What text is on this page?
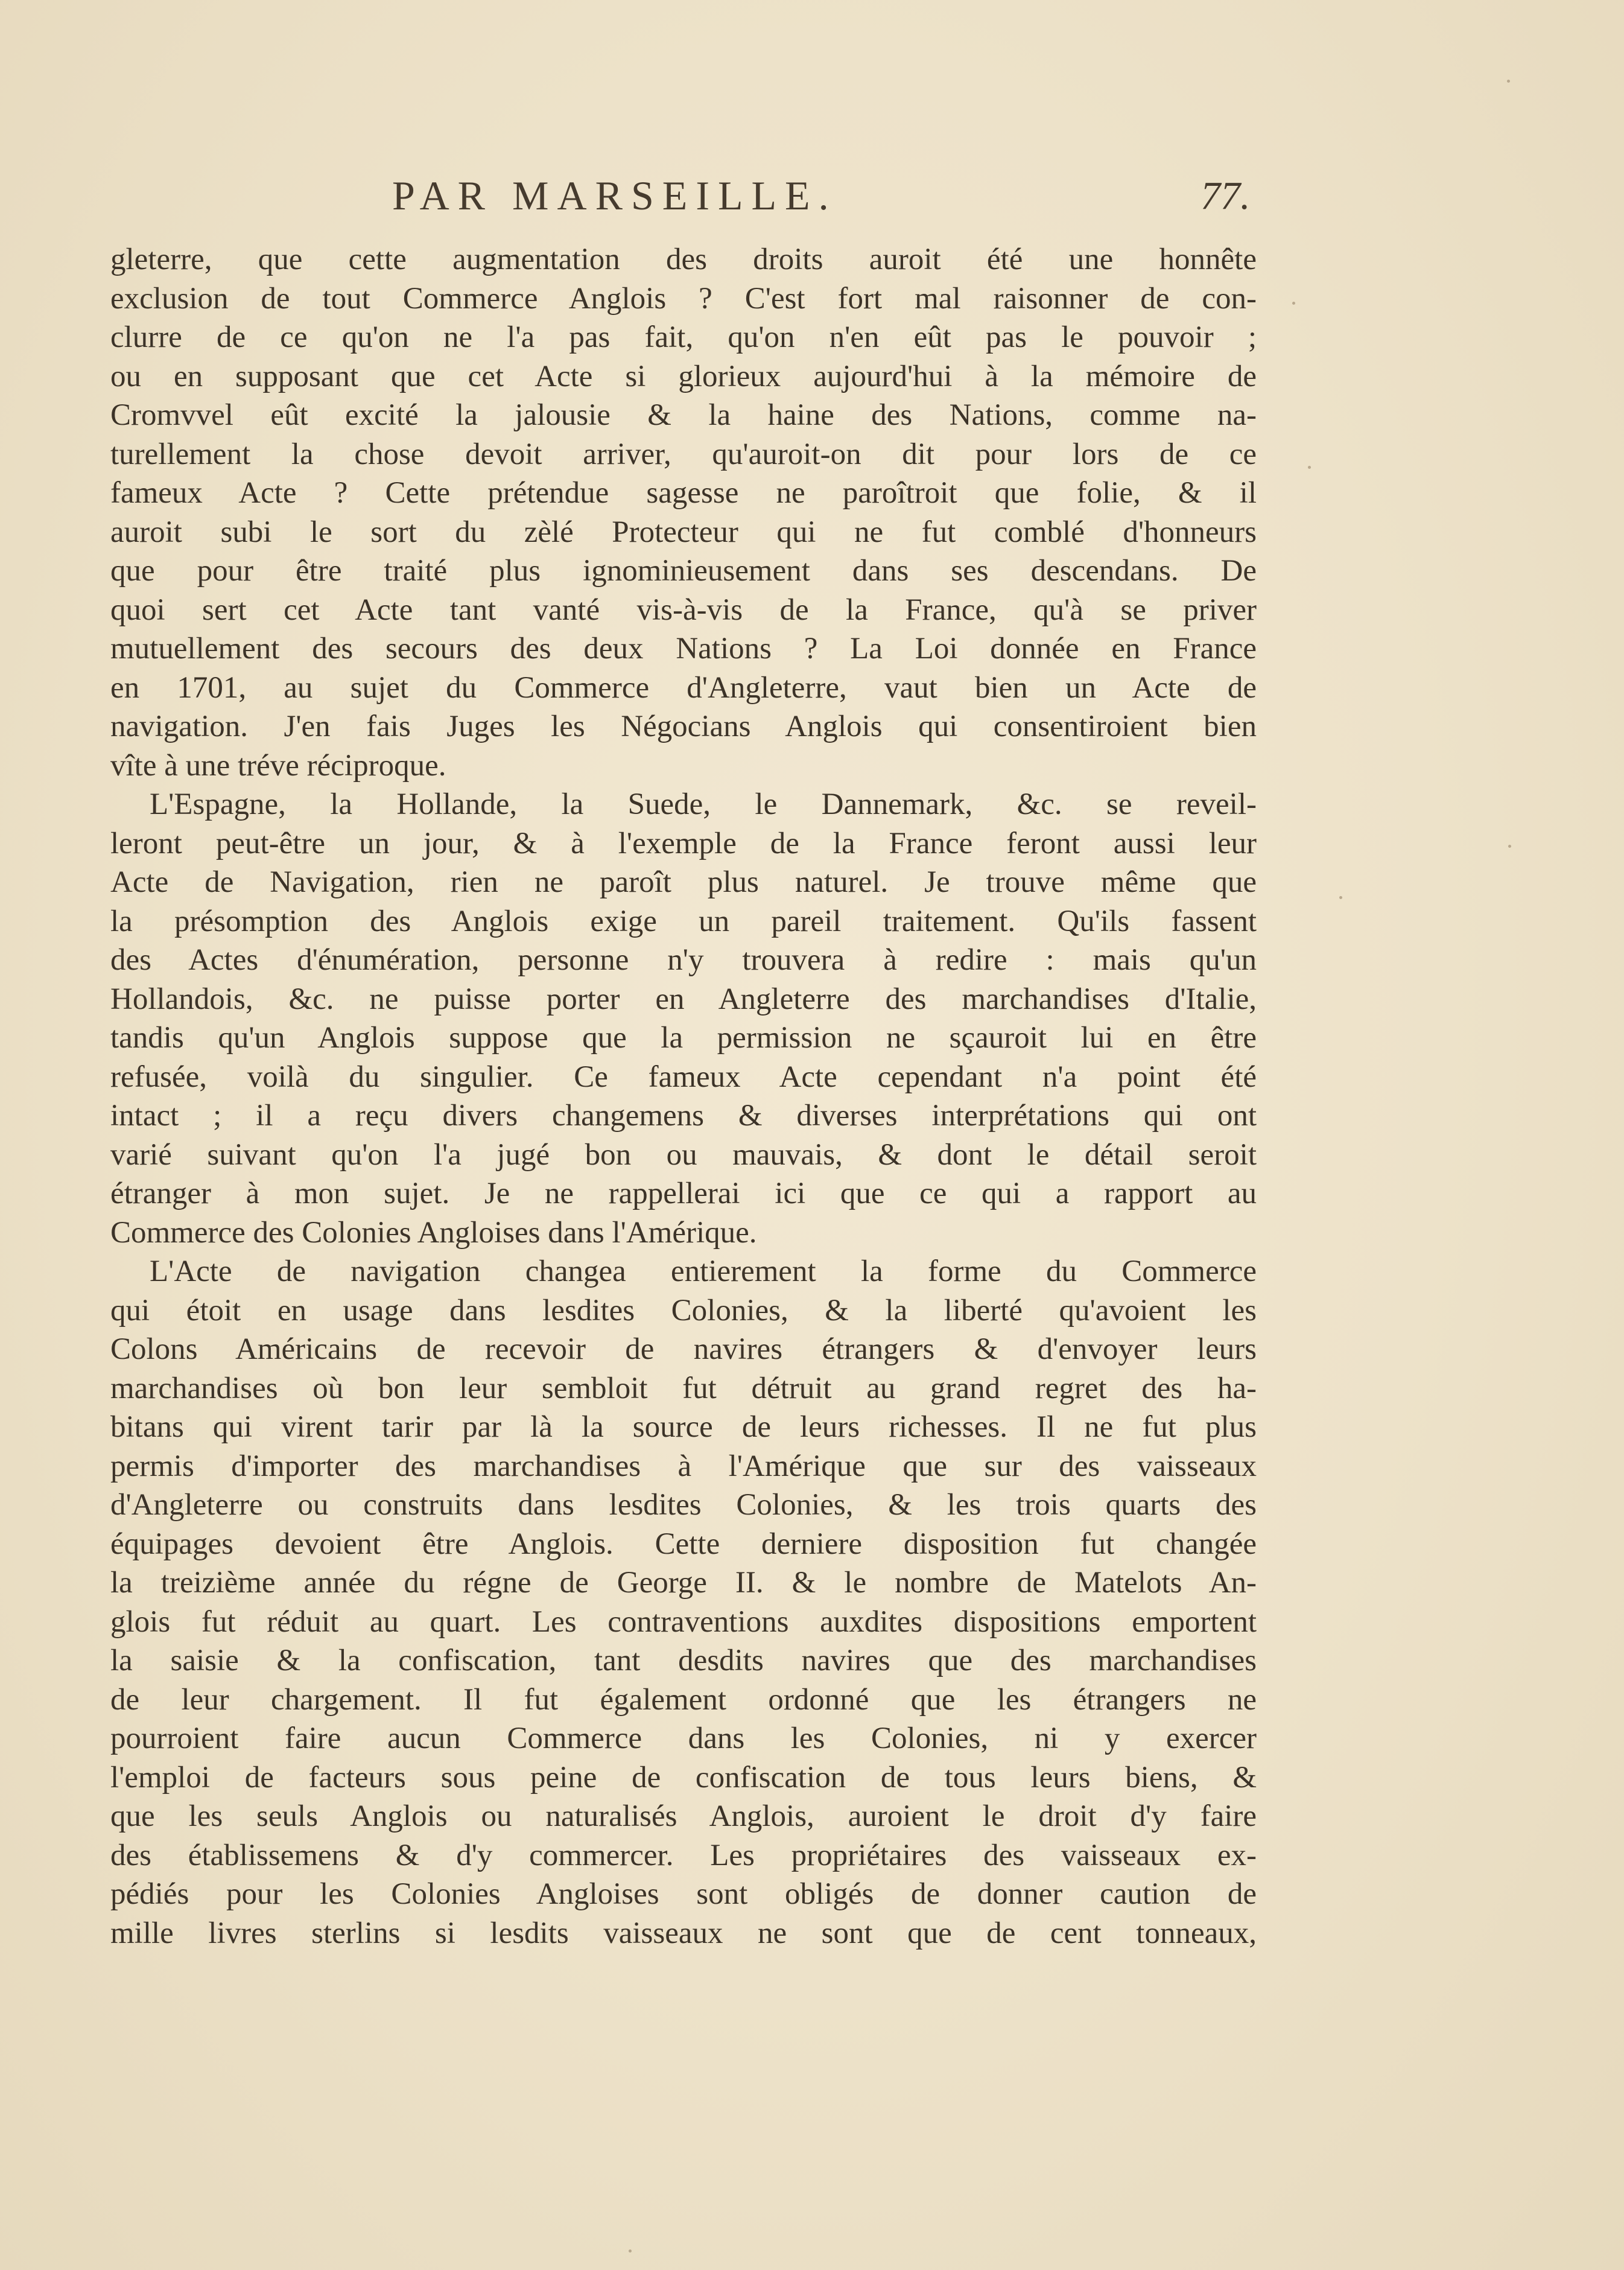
PAR MARSEILLE.	77.
gleterre, que cette augmentation des droits auroit été une honnête
exclusion de tout Commerce Anglois ? C'est fort mal raisonner de con-
clurre de ce qu'on ne l'a pas fait, qu'on n'en eût pas le pouvoir ;
ou en supposant que cet Acte si glorieux aujourd'hui à la mémoire de
Cromvvel eût excité la jalousie & la haine des Nations, comme na-
turellement la chose devoit arriver, qu'auroit-on dit pour lors de ce
fameux Acte ? Cette prétendue sagesse ne paroîtroit que folie, & il
auroit subi le sort du zèlé Protecteur qui ne fut comblé d'honneurs
que pour être traité plus ignominieusement dans ses descendans. De
quoi sert cet Acte tant vanté vis-à-vis de la France, qu'à se priver
mutuellement des secours des deux Nations ? La Loi donnée en France
en 1701, au sujet du Commerce d'Angleterre, vaut bien un Acte de
navigation. J'en fais Juges les Négocians Anglois qui consentiroient bien
vîte à une tréve réciproque.
L'Espagne, la Hollande, la Suede, le Dannemark, &c. se reveil-
leront peut-être un jour, & à l'exemple de la France feront aussi leur
Acte de Navigation, rien ne paroît plus naturel. Je trouve même que
la présomption des Anglois exige un pareil traitement. Qu'ils fassent
des Actes d'énumération, personne n'y trouvera à redire : mais qu'un
Hollandois, &c. ne puisse porter en Angleterre des marchandises d'Italie,
tandis qu'un Anglois suppose que la permission ne sçauroit lui en être
refusée, voilà du singulier. Ce fameux Acte cependant n'a point été
intact ; il a reçu divers changemens & diverses interprétations qui ont
varié suivant qu'on l'a jugé bon ou mauvais, & dont le détail seroit
étranger à mon sujet. Je ne rappellerai ici que ce qui a rapport au
Commerce des Colonies Angloises dans l'Amérique.
L'Acte de navigation changea entierement la forme du Commerce
qui étoit en usage dans lesdites Colonies, & la liberté qu'avoient les
Colons Américains de recevoir de navires étrangers & d'envoyer leurs
marchandises où bon leur sembloit fut détruit au grand regret des ha-
bitans qui virent tarir par là la source de leurs richesses. Il ne fut plus
permis d'importer des marchandises à l'Amérique que sur des vaisseaux
d'Angleterre ou construits dans lesdites Colonies, & les trois quarts des
équipages devoient être Anglois. Cette derniere disposition fut changée
la treizième année du régne de George II. & le nombre de Matelots An-
glois fut réduit au quart. Les contraventions auxdites dispositions emportent
la saisie & la confiscation, tant desdits navires que des marchandises
de leur chargement. Il fut également ordonné que les étrangers ne
pourroient faire aucun Commerce dans les Colonies, ni y exercer
l'emploi de facteurs sous peine de confiscation de tous leurs biens, &
que les seuls Anglois ou naturalisés Anglois, auroient le droit d'y faire
des établissemens & d'y commercer. Les propriétaires des vaisseaux ex-
pédiés pour les Colonies Angloises sont obligés de donner caution de
mille livres sterlins si lesdits vaisseaux ne sont que de cent tonneaux,
